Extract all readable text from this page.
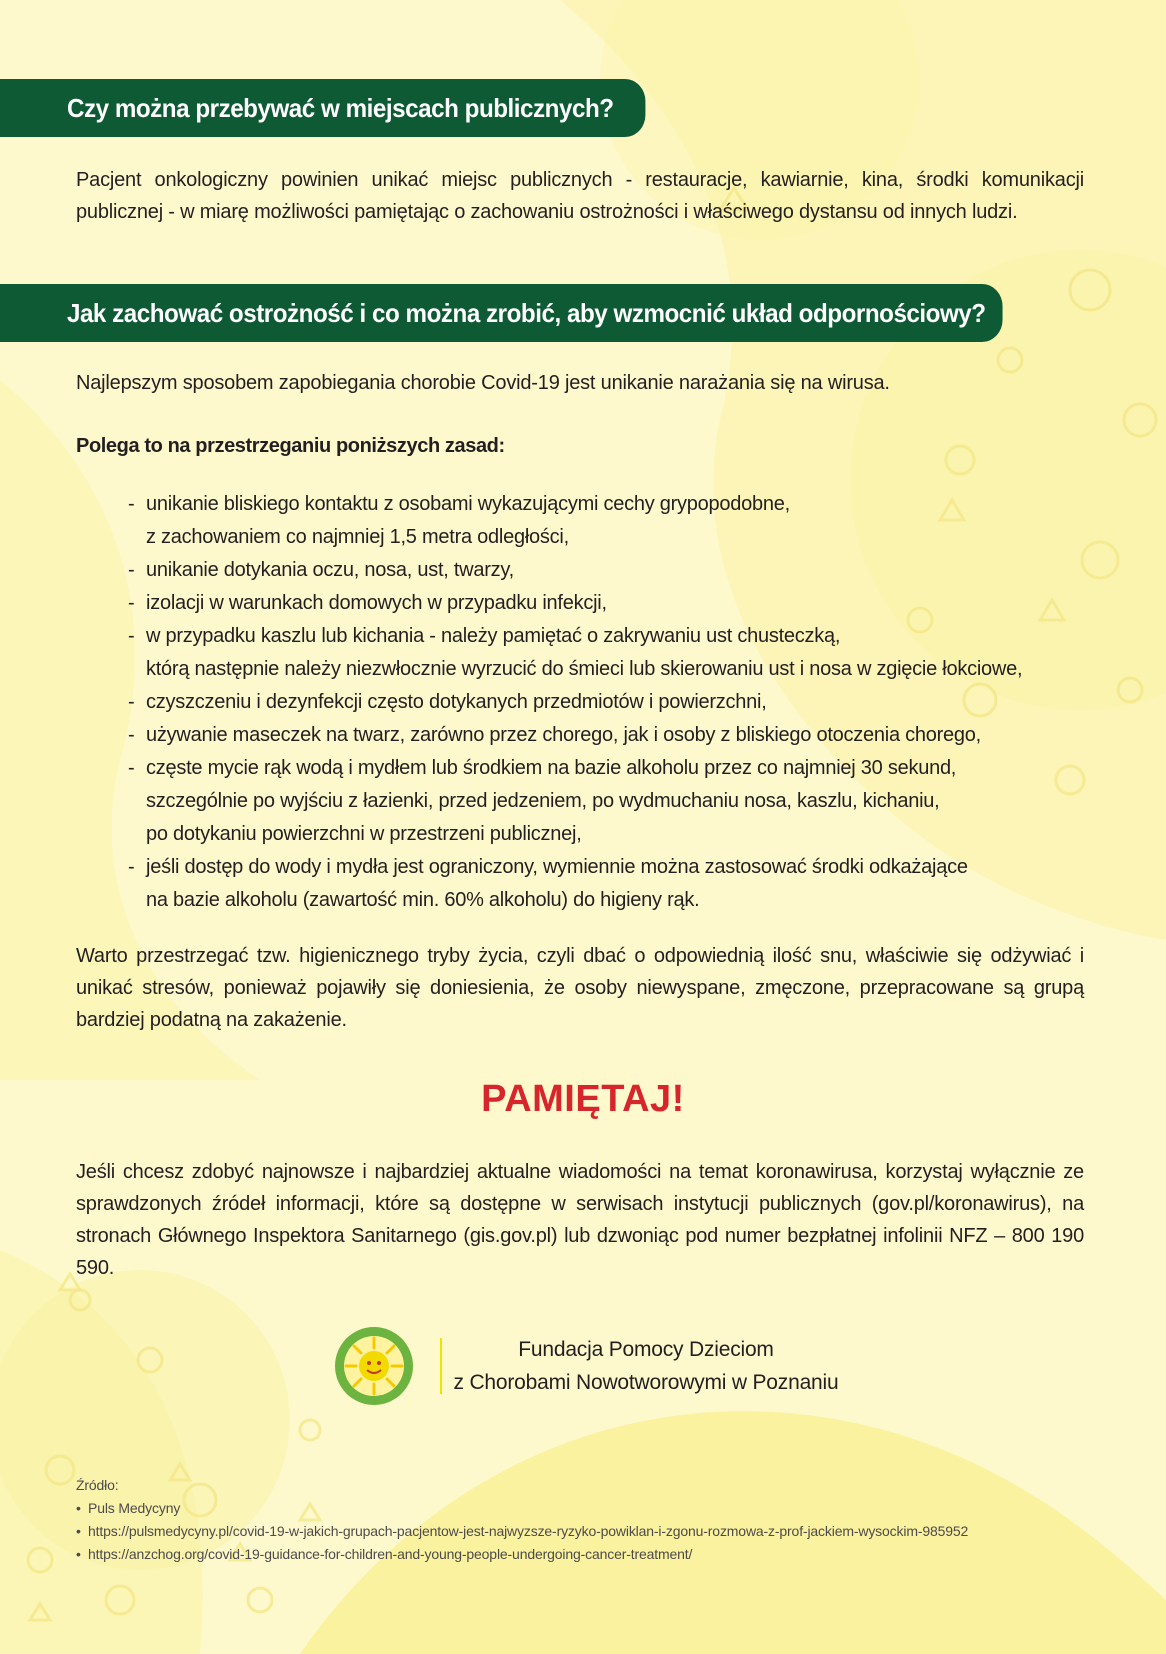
Czy można przebywać w miejscach publicznych?
Pacjent onkologiczny powinien unikać miejsc publicznych - restauracje, kawiarnie, kina, środki komunikacji publicznej - w miarę możliwości pamiętając o zachowaniu ostrożności i właściwego dystansu od innych ludzi.
Jak zachować ostrożność i co można zrobić, aby wzmocnić układ odpornościowy?
Najlepszym sposobem zapobiegania chorobie Covid-19 jest unikanie narażania się na wirusa.
Polega to na przestrzeganiu poniższych zasad:
- unikanie bliskiego kontaktu z osobami wykazującymi cechy grypopodobne,
z zachowaniem co najmniej 1,5 metra odległości,
- unikanie dotykania oczu, nosa, ust, twarzy,
- izolacji w warunkach domowych w przypadku infekcji,
- w przypadku kaszlu lub kichania - należy pamiętać o zakrywaniu ust chusteczką,
którą następnie należy niezwłocznie wyrzucić do śmieci lub skierowaniu ust i nosa w zgięcie łokciowe,
- czyszczeniu i dezynfekcji często dotykanych przedmiotów i powierzchni,
- używanie maseczek na twarz, zarówno przez chorego, jak i osoby z bliskiego otoczenia chorego,
- częste mycie rąk wodą i mydłem lub środkiem na bazie alkoholu przez co najmniej 30 sekund,
szczególnie po wyjściu z łazienki, przed jedzeniem, po wydmuchaniu nosa, kaszlu, kichaniu,
po dotykaniu powierzchni w przestrzeni publicznej,
- jeśli dostęp do wody i mydła jest ograniczony, wymiennie można zastosować środki odkażające
na bazie alkoholu (zawartość min. 60% alkoholu) do higieny rąk.
Warto przestrzegać tzw. higienicznego tryby życia, czyli dbać o odpowiednią ilość snu, właściwie się odżywiać i unikać stresów, ponieważ pojawiły się doniesienia, że osoby niewyspane, zmęczone, przepracowane są grupą bardziej podatną na zakażenie.
PAMIĘTAJ!
Jeśli chcesz zdobyć najnowsze i najbardziej aktualne wiadomości na temat koronawirusa, korzystaj wyłącznie ze sprawdzonych źródeł informacji, które są dostępne w serwisach instytucji publicznych (gov.pl/koronawirus), na stronach Głównego Inspektora Sanitarnego (gis.gov.pl) lub dzwoniąc pod numer bezpłatnej infolinii NFZ – 800 190 590.
Fundacja Pomocy Dzieciom
z Chorobami Nowotworowymi w Poznaniu
Źródło:
• Puls Medycyny
• https://pulsmedycyny.pl/covid-19-w-jakich-grupach-pacjentow-jest-najwyzsze-ryzyko-powiklan-i-zgonu-rozmowa-z-prof-jackiem-wysockim-985952
• https://anzchog.org/covid-19-guidance-for-children-and-young-people-undergoing-cancer-treatment/
